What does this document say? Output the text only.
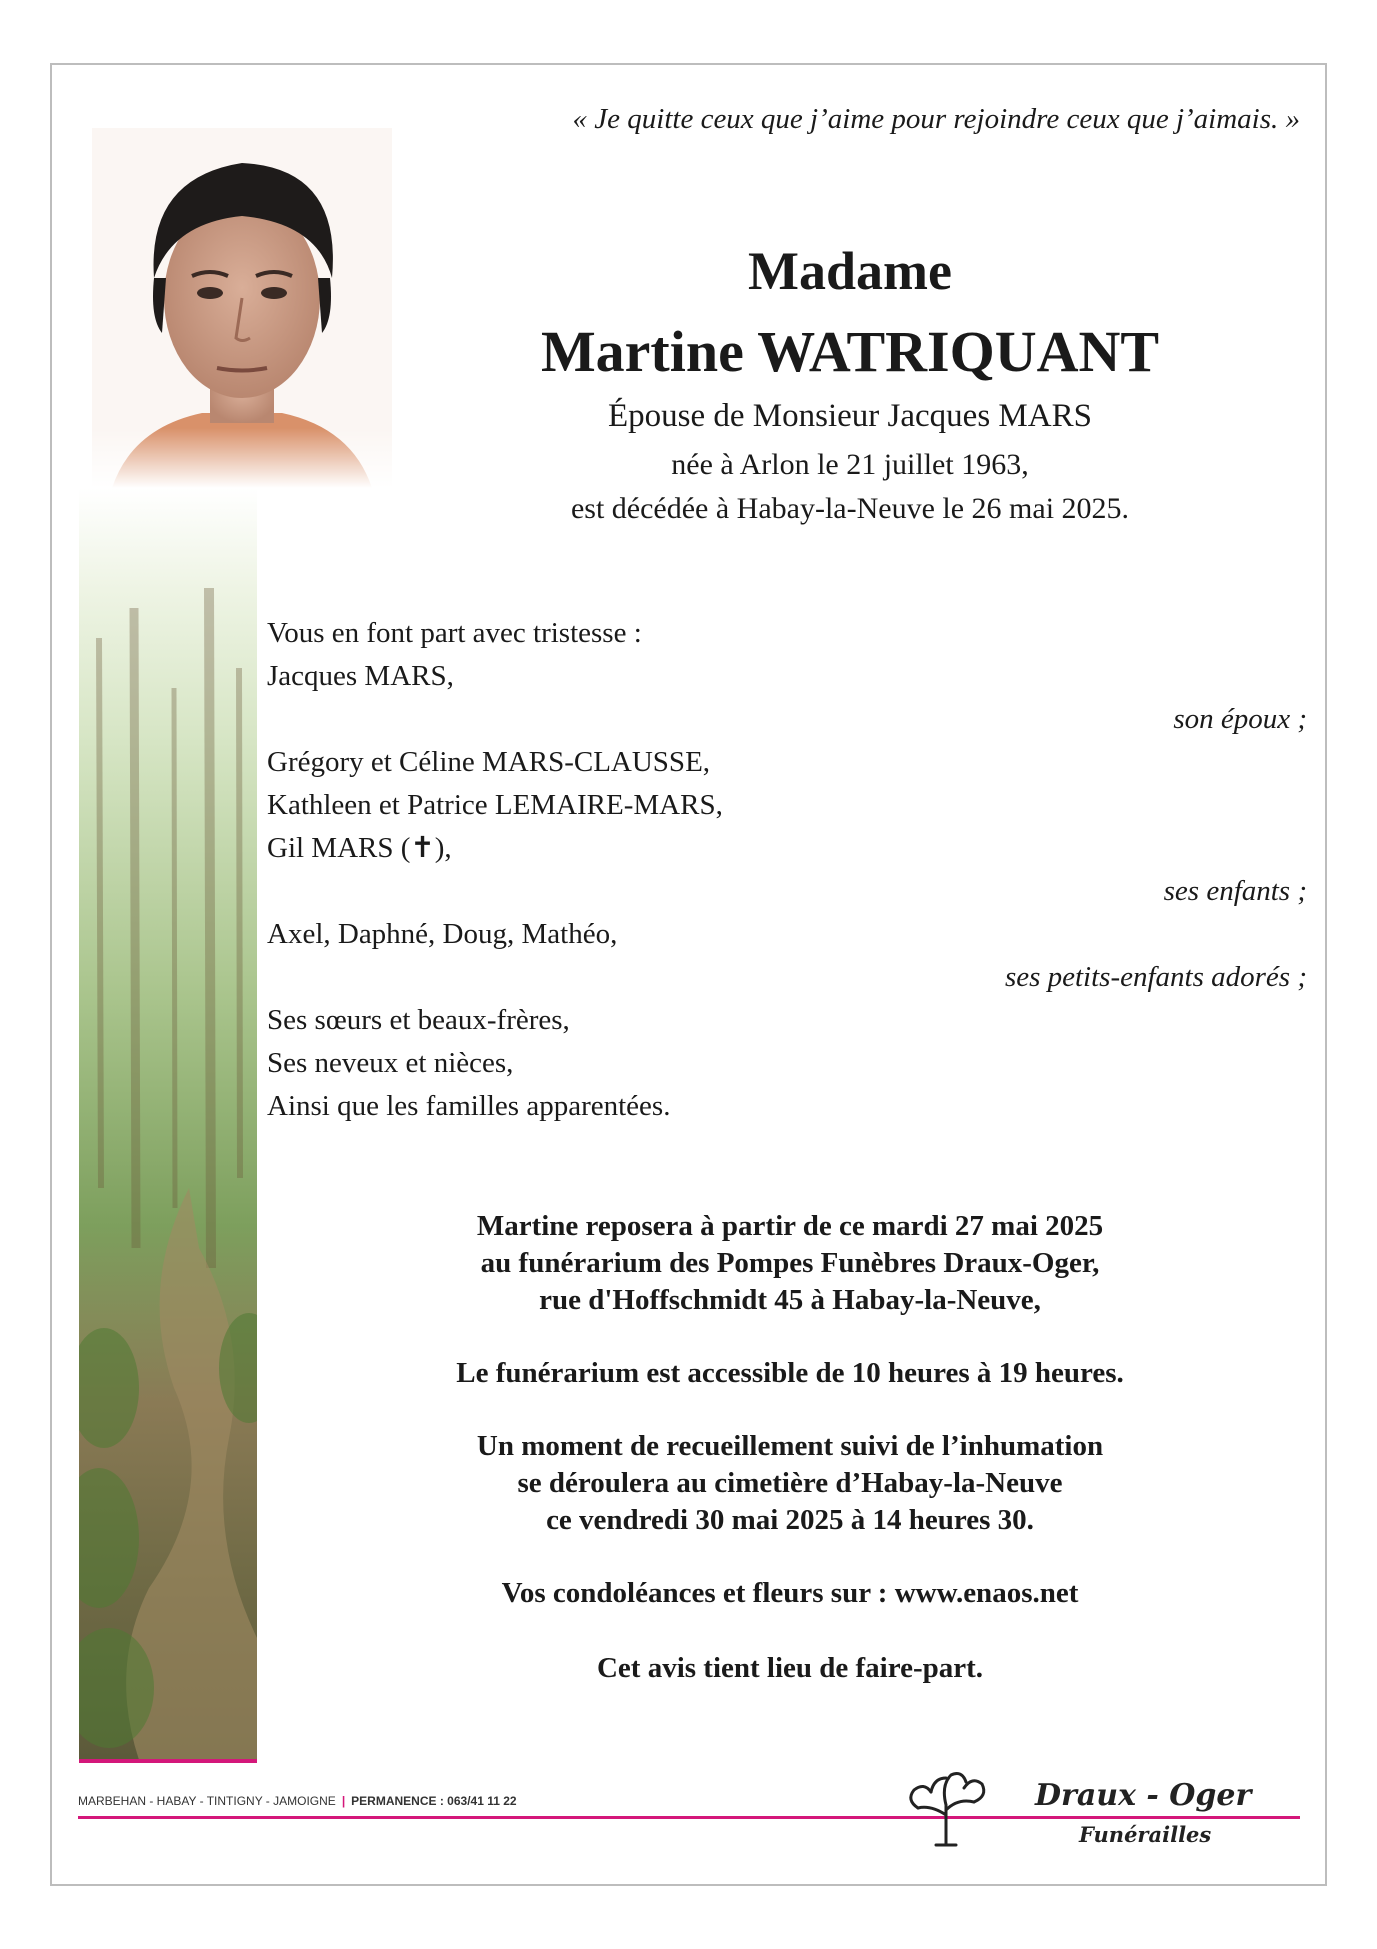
« Je quitte ceux que j’aime pour rejoindre ceux que j’aimais. »
Madame
Martine WATRIQUANT
Épouse de Monsieur Jacques MARS
née à Arlon le 21 juillet 1963,
est décédée à Habay-la-Neuve le 26 mai 2025.
Vous en font part avec tristesse :
Jacques MARS,
son époux ;
Grégory et Céline MARS-CLAUSSE,
Kathleen et Patrice LEMAIRE-MARS,
Gil MARS (✝),
ses enfants ;
Axel, Daphné, Doug, Mathéo,
ses petits-enfants adorés ;
Ses sœurs et beaux-frères,
Ses neveux et nièces,
Ainsi que les familles apparentées.
Martine reposera à partir de ce mardi 27 mai 2025
au funérarium des Pompes Funèbres Draux-Oger,
rue d'Hoffschmidt 45 à Habay-la-Neuve,
Le funérarium est accessible de 10 heures à 19 heures.
Un moment de recueillement suivi de l’inhumation
se déroulera au cimetière d’Habay-la-Neuve
ce vendredi 30 mai 2025 à 14 heures 30.
Vos condoléances et fleurs sur : www.enaos.net
Cet avis tient lieu de faire-part.
MARBEHAN - HABAY - TINTIGNY - JAMOIGNE | PERMANENCE : 063/41 11 22	Draux - Oger
Funérailles
